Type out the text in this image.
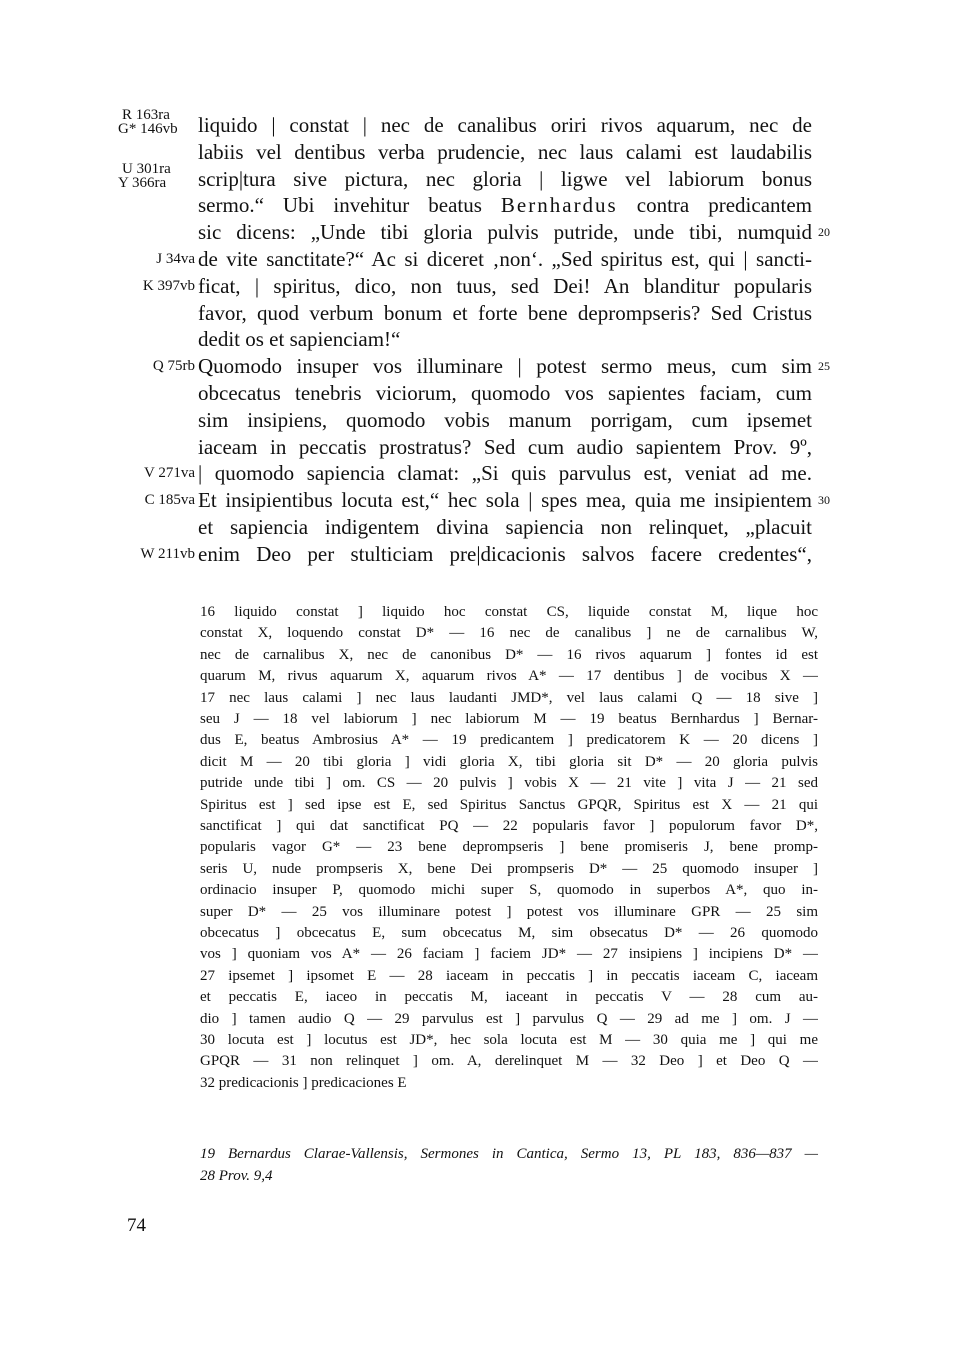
R 163ra
G* 146vb liquido | constat | nec de canalibus oriri rivos aquarum, nec de
labiis vel dentibus verba prudencie, nec laus calami est laudabilis
U 301ra
Y 366ra scrip|tura sive pictura, nec gloria | ligwe vel labiorum bonus
sermo.“ Ubi invehitur beatus Bernhardus contra predicantem
sic dicens: „Unde tibi gloria pulvis putride, unde tibi, numquid 20
J 34va de vite sanctitate?“ Ac si diceret ‚non‘. „Sed spiritus est, qui | sancti-
K 397vb ficat, | spiritus, dico, non tuus, sed Dei! An blanditur popularis
favor, quod verbum bonum et forte bene deprompseris? Sed Cristus
dedit os et sapienciam!“
Q 75rb Quomodo insuper vos illuminare | potest sermo meus, cum sim 25
obcecatus tenebris viciorum, quomodo vos sapientes faciam, cum
sim insipiens, quomodo vobis manum porrigam, cum ipsemet
iaceam in peccatis prostratus? Sed cum audio sapientem Prov. 9º,
V 271va | quomodo sapiencia clamat: „Si quis parvulus est, veniat ad me.
C 185va Et insipientibus locuta est,“ hec sola | spes mea, quia me insipientem 30
et sapiencia indigentem divina sapiencia non relinquet, „placuit
W 211vb enim Deo per stulticiam pre|dicacionis salvos facere credentes“,
16 liquido constat ] liquido hoc constat CS, liquide constat M, lique hoc
constat X, loquendo constat D* — 16 nec de canalibus ] ne de carnalibus W,
nec de carnalibus X, nec de canonibus D* — 16 rivos aquarum ] fontes id est
quarum M, rivus aquarum X, aquarum rivos A* — 17 dentibus ] de vocibus X —
17 nec laus calami ] nec laus laudanti JMD*, vel laus calami Q — 18 sive ]
seu J — 18 vel labiorum ] nec labiorum M — 19 beatus Bernhardus ] Bernar-
dus E, beatus Ambrosius A* — 19 predicantem ] predicatorem K — 20 dicens ]
dicit M — 20 tibi gloria ] vidi gloria X, tibi gloria sit D* — 20 gloria pulvis
putride unde tibi ] om. CS — 20 pulvis ] vobis X — 21 vite ] vita J — 21 sed
Spiritus est ] sed ipse est E, sed Spiritus Sanctus GPQR, Spiritus est X — 21 qui
sanctificat ] qui dat sanctificat PQ — 22 popularis favor ] populorum favor D*,
popularis vagor G* — 23 bene deprompseris ] bene promiseris J, bene promp-
seris U, nude prompseris X, bene Dei prompseris D* — 25 quomodo insuper ]
ordinacio insuper P, quomodo michi super S, quomodo in superbos A*, quo in-
super D* — 25 vos illuminare potest ] potest vos illuminare GPR — 25 sim
obcecatus ] obcecatus E, sum obcecatus M, sim obsecatus D* — 26 quomodo
vos ] quoniam vos A* — 26 faciam ] faciem JD* — 27 insipiens ] incipiens D* —
27 ipsemet ] ipsomet E — 28 iaceam in peccatis ] in peccatis iaceam C, iaceam
et peccatis E, iaceo in peccatis M, iaceant in peccatis V — 28 cum au-
dio ] tamen audio Q — 29 parvulus est ] parvulus Q — 29 ad me ] om. J —
30 locuta est ] locutus est JD*, hec sola locuta est M — 30 quia me ] qui me
GPQR — 31 non relinquet ] om. A, derelinquet M — 32 Deo ] et Deo Q —
32 predicacionis ] predicaciones E
19 Bernardus Clarae-Vallensis, Sermones in Cantica, Sermo 13, PL 183, 836—837 —
28 Prov. 9,4
74
